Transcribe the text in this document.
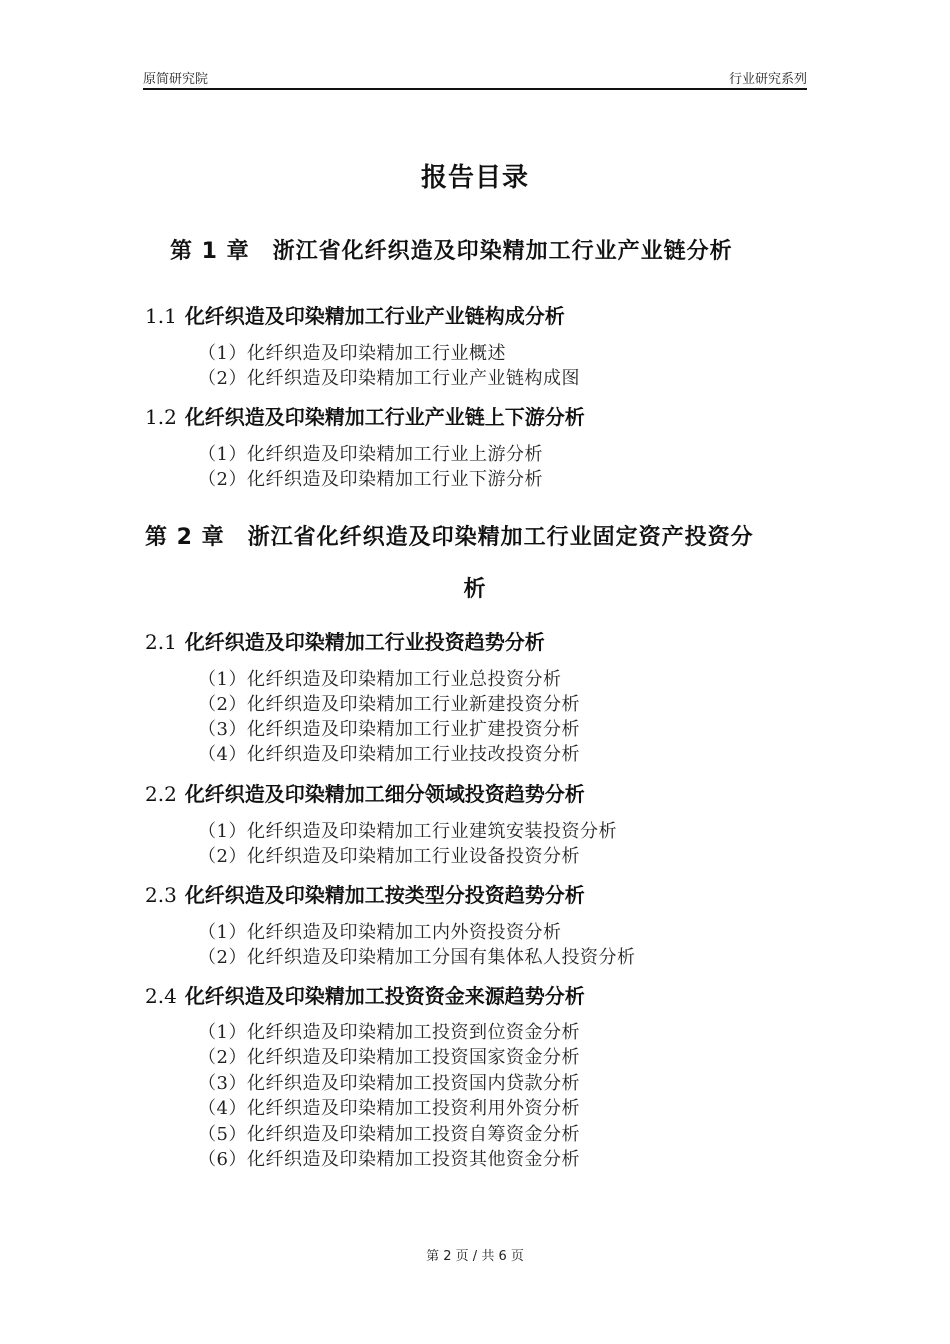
原简研究院	行业研究系列
报告目录
第 1 章　浙江省化纤织造及印染精加工行业产业链分析
1.1 化纤织造及印染精加工行业产业链构成分析
（1）化纤织造及印染精加工行业概述
（2）化纤织造及印染精加工行业产业链构成图
1.2 化纤织造及印染精加工行业产业链上下游分析
（1）化纤织造及印染精加工行业上游分析
（2）化纤织造及印染精加工行业下游分析
第 2 章　浙江省化纤织造及印染精加工行业固定资产投资分
析
2.1 化纤织造及印染精加工行业投资趋势分析
（1）化纤织造及印染精加工行业总投资分析
（2）化纤织造及印染精加工行业新建投资分析
（3）化纤织造及印染精加工行业扩建投资分析
（4）化纤织造及印染精加工行业技改投资分析
2.2 化纤织造及印染精加工细分领域投资趋势分析
（1）化纤织造及印染精加工行业建筑安装投资分析
（2）化纤织造及印染精加工行业设备投资分析
2.3 化纤织造及印染精加工按类型分投资趋势分析
（1）化纤织造及印染精加工内外资投资分析
（2）化纤织造及印染精加工分国有集体私人投资分析
2.4 化纤织造及印染精加工投资资金来源趋势分析
（1）化纤织造及印染精加工投资到位资金分析
（2）化纤织造及印染精加工投资国家资金分析
（3）化纤织造及印染精加工投资国内贷款分析
（4）化纤织造及印染精加工投资利用外资分析
（5）化纤织造及印染精加工投资自筹资金分析
（6）化纤织造及印染精加工投资其他资金分析
第 2 页 / 共 6 页
